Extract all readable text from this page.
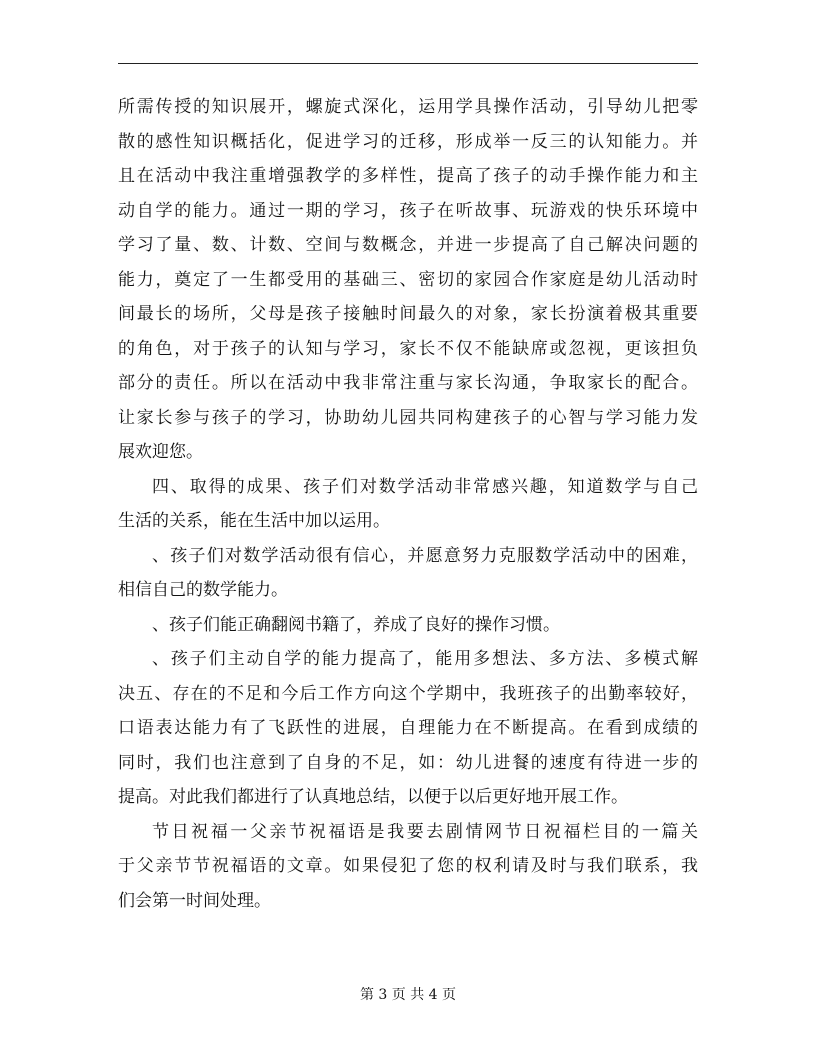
所需传授的知识展开，螺旋式深化，运用学具操作活动，引导幼儿把零
散的感性知识概括化，促进学习的迁移，形成举一反三的认知能力。并
且在活动中我注重增强教学的多样性，提高了孩子的动手操作能力和主
动自学的能力。通过一期的学习，孩子在听故事、玩游戏的快乐环境中
学习了量、数、计数、空间与数概念，并进一步提高了自己解决问题的
能力，奠定了一生都受用的基础三、密切的家园合作家庭是幼儿活动时
间最长的场所，父母是孩子接触时间最久的对象，家长扮演着极其重要
的角色，对于孩子的认知与学习，家长不仅不能缺席或忽视，更该担负
部分的责任。所以在活动中我非常注重与家长沟通，争取家长的配合。
让家长参与孩子的学习，协助幼儿园共同构建孩子的心智与学习能力发
展欢迎您。
四、取得的成果、孩子们对数学活动非常感兴趣，知道数学与自己
生活的关系，能在生活中加以运用。
、孩子们对数学活动很有信心，并愿意努力克服数学活动中的困难，
相信自己的数学能力。
、孩子们能正确翻阅书籍了，养成了良好的操作习惯。
、孩子们主动自学的能力提高了，能用多想法、多方法、多模式解
决五、存在的不足和今后工作方向这个学期中，我班孩子的出勤率较好，
口语表达能力有了飞跃性的进展，自理能力在不断提高。在看到成绩的
同时，我们也注意到了自身的不足，如：幼儿进餐的速度有待进一步的
提高。对此我们都进行了认真地总结，以便于以后更好地开展工作。
节日祝福一父亲节祝福语是我要去剧情网节日祝福栏目的一篇关
于父亲节节祝福语的文章。如果侵犯了您的权利请及时与我们联系，我
们会第一时间处理。
第 3 页 共 4 页
